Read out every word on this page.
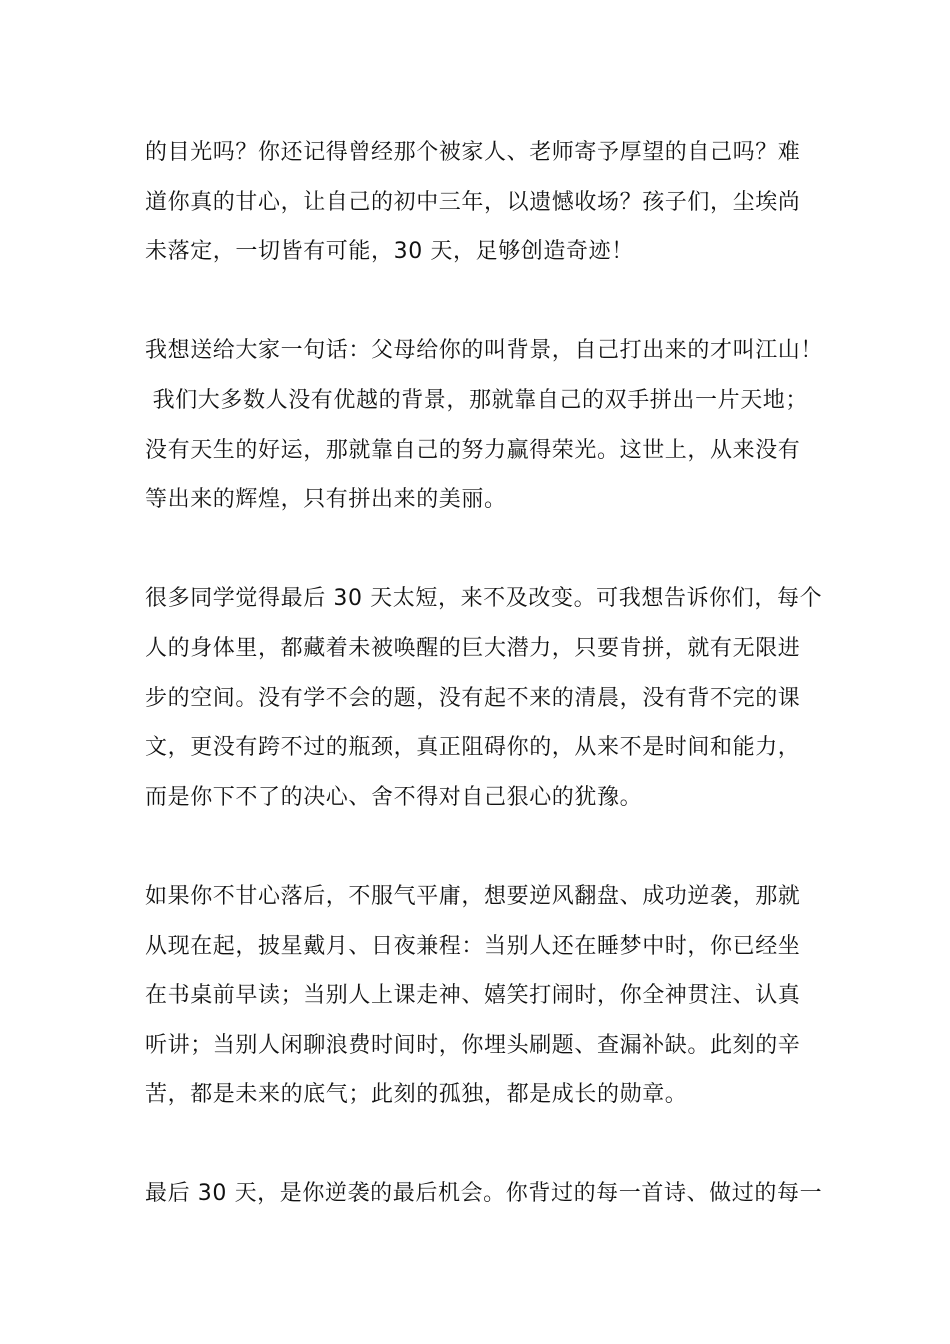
的目光吗？你还记得曾经那个被家人、老师寄予厚望的自己吗？难
道你真的甘心，让自己的初中三年，以遗憾收场？孩子们，尘埃尚
未落定，一切皆有可能，30 天，足够创造奇迹！
我想送给大家一句话：父母给你的叫背景，自己打出来的才叫江山！
我们大多数人没有优越的背景，那就靠自己的双手拼出一片天地；
没有天生的好运，那就靠自己的努力赢得荣光。这世上，从来没有
等出来的辉煌，只有拼出来的美丽。
很多同学觉得最后 30 天太短，来不及改变。可我想告诉你们，每个
人的身体里，都藏着未被唤醒的巨大潜力，只要肯拼，就有无限进
步的空间。没有学不会的题，没有起不来的清晨，没有背不完的课
文，更没有跨不过的瓶颈，真正阻碍你的，从来不是时间和能力，
而是你下不了的决心、舍不得对自己狠心的犹豫。
如果你不甘心落后，不服气平庸，想要逆风翻盘、成功逆袭，那就
从现在起，披星戴月、日夜兼程：当别人还在睡梦中时，你已经坐
在书桌前早读；当别人上课走神、嬉笑打闹时，你全神贯注、认真
听讲；当别人闲聊浪费时间时，你埋头刷题、查漏补缺。此刻的辛
苦，都是未来的底气；此刻的孤独，都是成长的勋章。
最后 30 天，是你逆袭的最后机会。你背过的每一首诗、做过的每一
